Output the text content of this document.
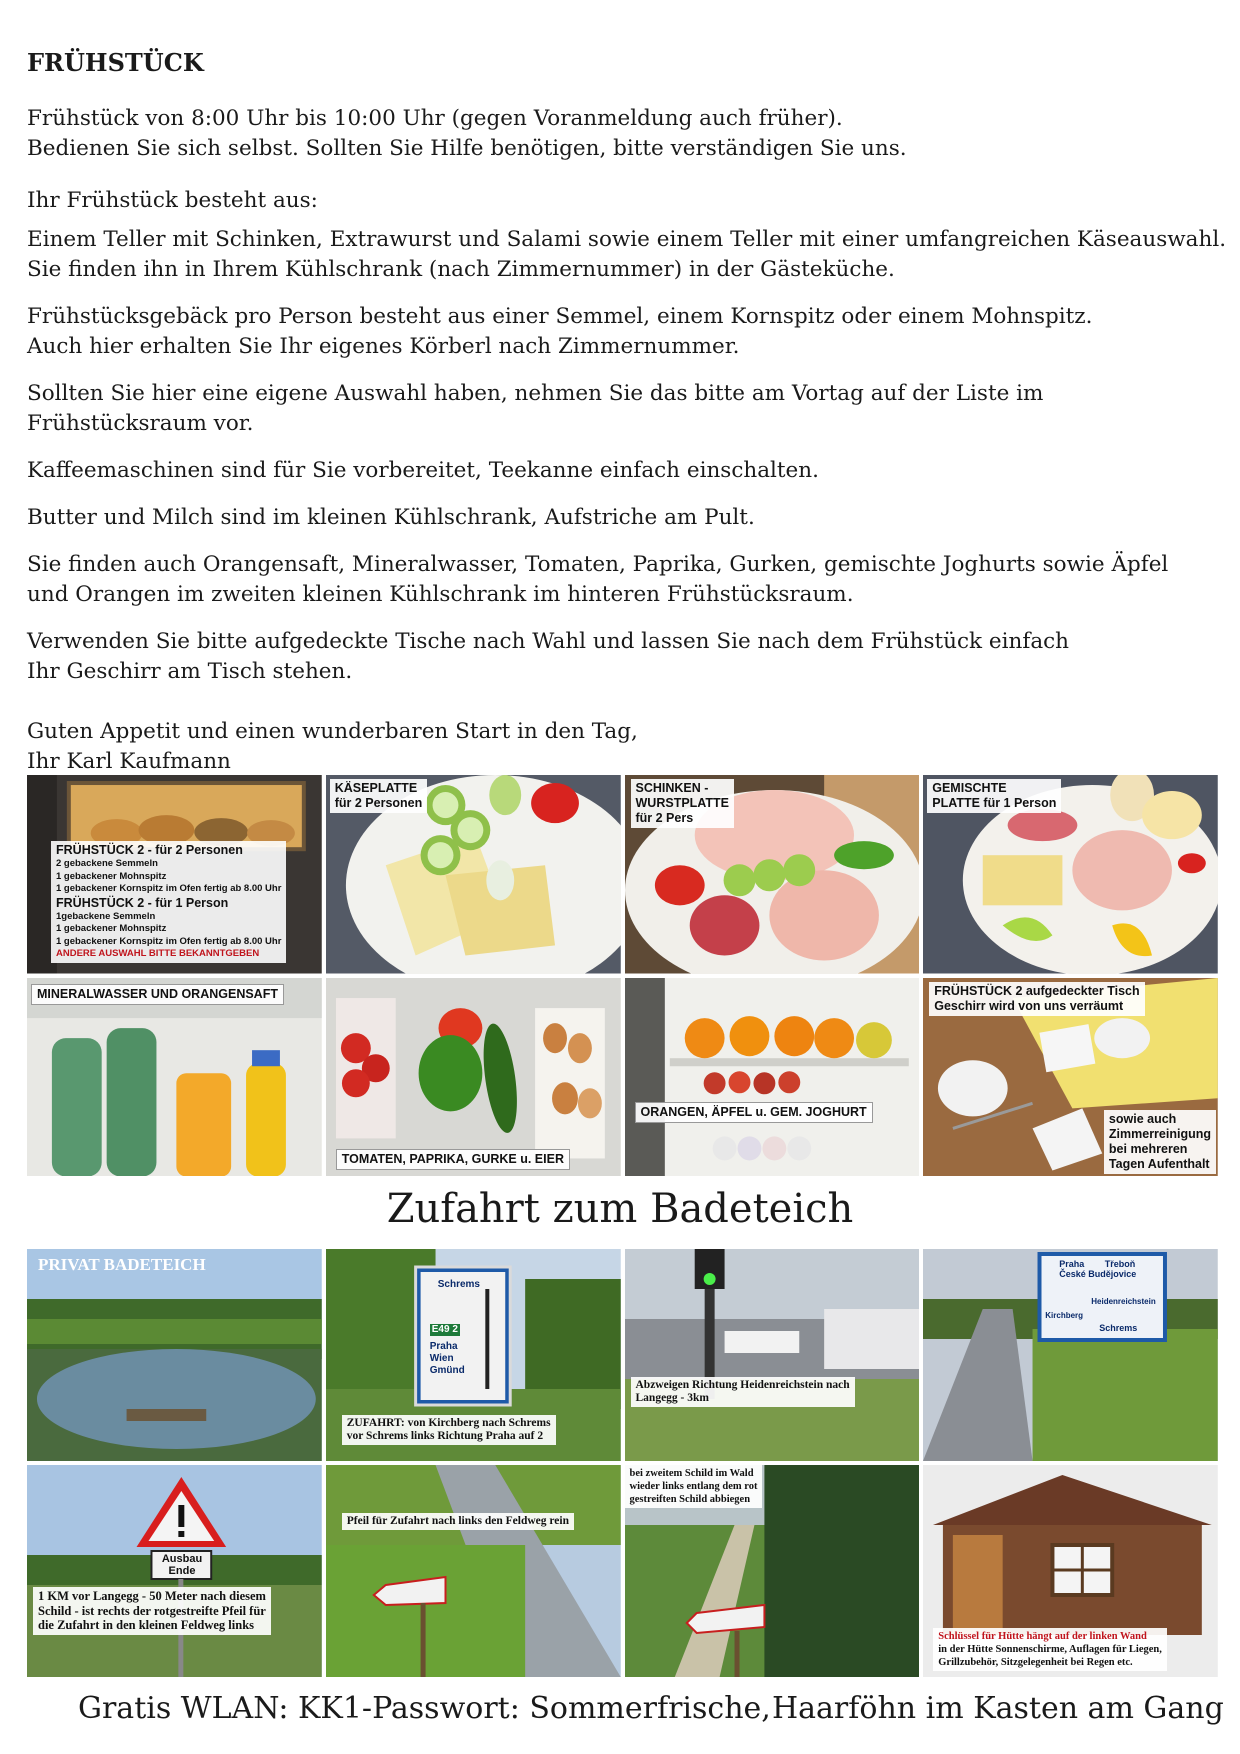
FRÜHSTÜCK
Frühstück von 8:00 Uhr bis 10:00 Uhr (gegen Voranmeldung auch früher).
Bedienen Sie sich selbst. Sollten Sie Hilfe benötigen, bitte verständigen Sie uns.
Ihr Frühstück besteht aus:
Einem Teller mit Schinken, Extrawurst und Salami sowie einem Teller mit einer umfangreichen Käseauswahl.
Sie finden ihn in Ihrem Kühlschrank (nach Zimmernummer) in der Gästeküche.
Frühstücksgebäck pro Person besteht aus einer Semmel, einem Kornspitz oder einem Mohnspitz.
Auch hier erhalten Sie Ihr eigenes Körberl nach Zimmernummer.
Sollten Sie hier eine eigene Auswahl haben, nehmen Sie das bitte am Vortag auf der Liste im Frühstücksraum vor.
Kaffeemaschinen sind für Sie vorbereitet, Teekanne einfach einschalten.
Butter und Milch sind im kleinen Kühlschrank, Aufstriche am Pult.
Sie finden auch Orangensaft, Mineralwasser, Tomaten, Paprika, Gurken, gemischte Joghurts sowie Äpfel
und Orangen im zweiten kleinen Kühlschrank im hinteren Frühstücksraum.
Verwenden Sie bitte aufgedeckte Tische nach Wahl und lassen Sie nach dem Frühstück einfach
Ihr Geschirr am Tisch stehen.
Guten Appetit und einen wunderbaren Start in den Tag,
Ihr Karl Kaufmann
FRÜHSTÜCK 2 - für 2 Personen
2 gebackene Semmeln
1 gebackener Mohnspitz
1 gebackener Kornspitz im Ofen fertig ab 8.00 Uhr
FRÜHSTÜCK 2 - für 1 Person
1gebackene Semmeln
1 gebackener Mohnspitz
1 gebackener Kornspitz im Ofen fertig ab 8.00 Uhr
ANDERE AUSWAHL BITTE BEKANNTGEBEN
KÄSEPLATTE
für 2 Personen
SCHINKEN -
WURSTPLATTE
für 2 Pers
GEMISCHTE
PLATTE für 1 Person
MINERALWASSER UND ORANGENSAFT
TOMATEN, PAPRIKA, GURKE u. EIER
ORANGEN, ÄPFEL u. GEM. JOGHURT
FRÜHSTÜCK 2 aufgedeckter Tisch
Geschirr wird von uns verräumt
sowie auch
Zimmerreinigung
bei mehreren
Tagen Aufenthalt
Zufahrt zum Badeteich
PRIVAT BADETEICH
Schrems
E49 2
Praha
Wien
Gmünd
ZUFAHRT: von Kirchberg nach Schrems
vor Schrems links Richtung Praha auf 2
Abzweigen Richtung Heidenreichstein nach
Langegg - 3km
Praha Třeboň
České Budějovice
Heidenreichstein
Kirchberg
Schrems
Ausbau Ende
1 KM vor Langegg - 50 Meter nach diesem
Schild - ist rechts der rotgestreifte Pfeil für
die Zufahrt in den kleinen Feldweg links
Pfeil für Zufahrt nach links den Feldweg rein
bei zweitem Schild im Wald
wieder links entlang dem rot
gestreiften Schild abbiegen
Schlüssel für Hütte hängt auf der linken Wand
in der Hütte Sonnenschirme, Auflagen für Liegen,
Grillzubehör, Sitzgelegenheit bei Regen etc.
Gratis WLAN: KK1-Passwort: Sommerfrische, Haarföhn im Kasten am Gang
